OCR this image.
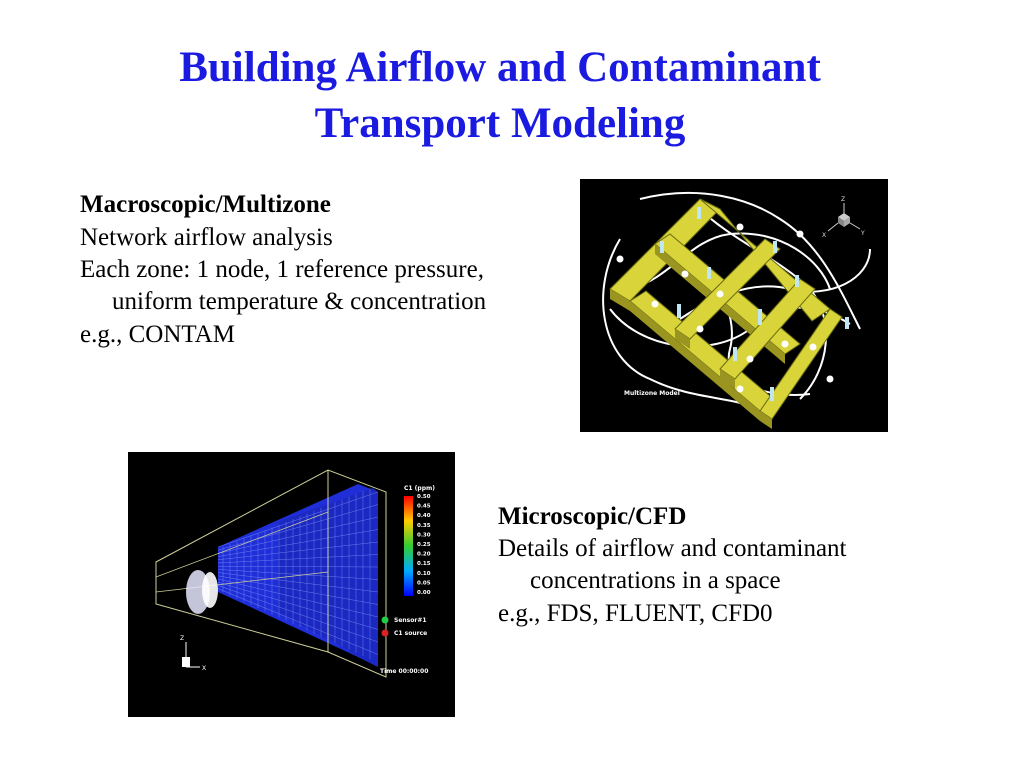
Building Airflow and Contaminant
Transport Modeling

Macroscopic/Multizone

Network airflow analysis

Each zone: 1 node, 1 reference pressure, uniform temperature & concentration

e.g., CONTAM

Microscopic/CFD

Details of airflow and contaminant concentrations in a space

e.g., FDS, FLUENT, CFD0

Z
X	Y
Multizone Model
C1 (ppm)
0.50
0.45
0.40
0.35
0.30
0.25
0.20
0.15
0.10
0.05
0.00
Sensor#1
C1 source
Time 00:00:00
Z
X
